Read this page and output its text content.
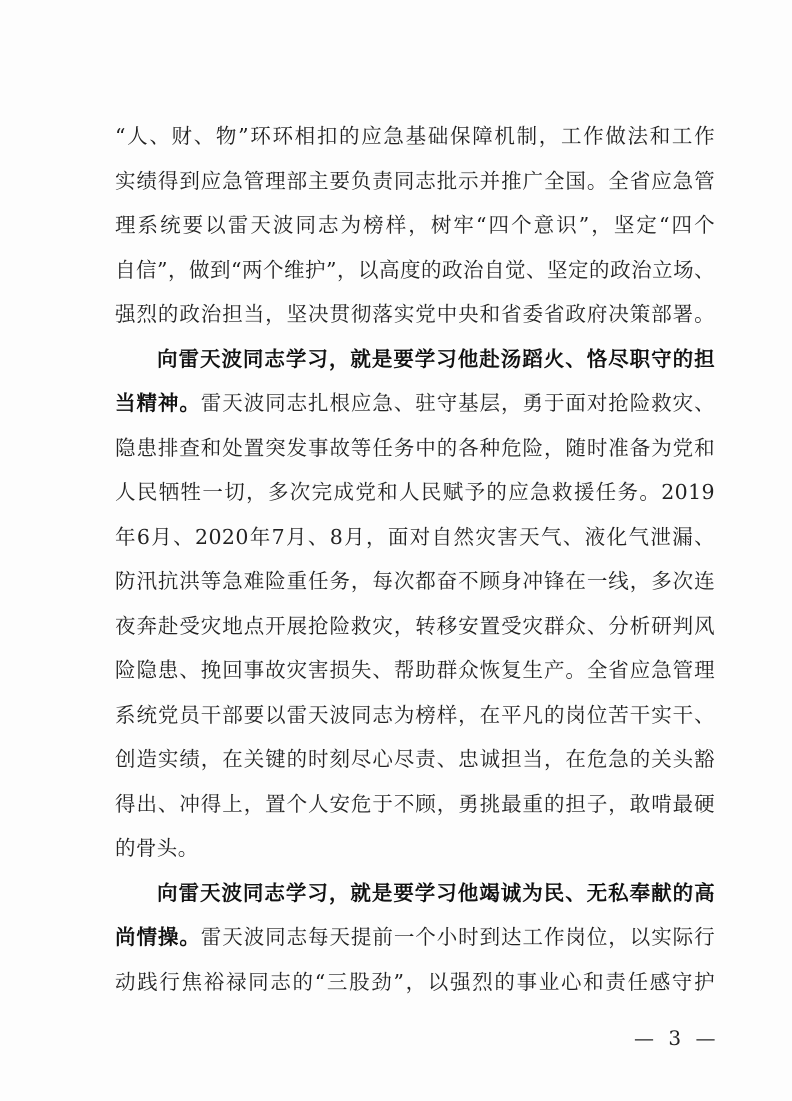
“人、财、物”环环相扣的应急基础保障机制，工作做法和工作
实绩得到应急管理部主要负责同志批示并推广全国。全省应急管
理系统要以雷天波同志为榜样，树牢“四个意识”，坚定“四个
自信”，做到“两个维护”，以高度的政治自觉、坚定的政治立场、
强烈的政治担当，坚决贯彻落实党中央和省委省政府决策部署。
向雷天波同志学习，就是要学习他赴汤蹈火、恪尽职守的担
当精神。雷天波同志扎根应急、驻守基层，勇于面对抢险救灾、
隐患排查和处置突发事故等任务中的各种危险，随时准备为党和
人民牺牲一切，多次完成党和人民赋予的应急救援任务。2019
年6月、2020年7月、8月，面对自然灾害天气、液化气泄漏、
防汛抗洪等急难险重任务，每次都奋不顾身冲锋在一线，多次连
夜奔赴受灾地点开展抢险救灾，转移安置受灾群众、分析研判风
险隐患、挽回事故灾害损失、帮助群众恢复生产。全省应急管理
系统党员干部要以雷天波同志为榜样，在平凡的岗位苦干实干、
创造实绩，在关键的时刻尽心尽责、忠诚担当，在危急的关头豁
得出、冲得上，置个人安危于不顾，勇挑最重的担子，敢啃最硬
的骨头。
向雷天波同志学习，就是要学习他竭诚为民、无私奉献的高
尚情操。雷天波同志每天提前一个小时到达工作岗位，以实际行
动践行焦裕禄同志的“三股劲”，以强烈的事业心和责任感守护
— 3 —
